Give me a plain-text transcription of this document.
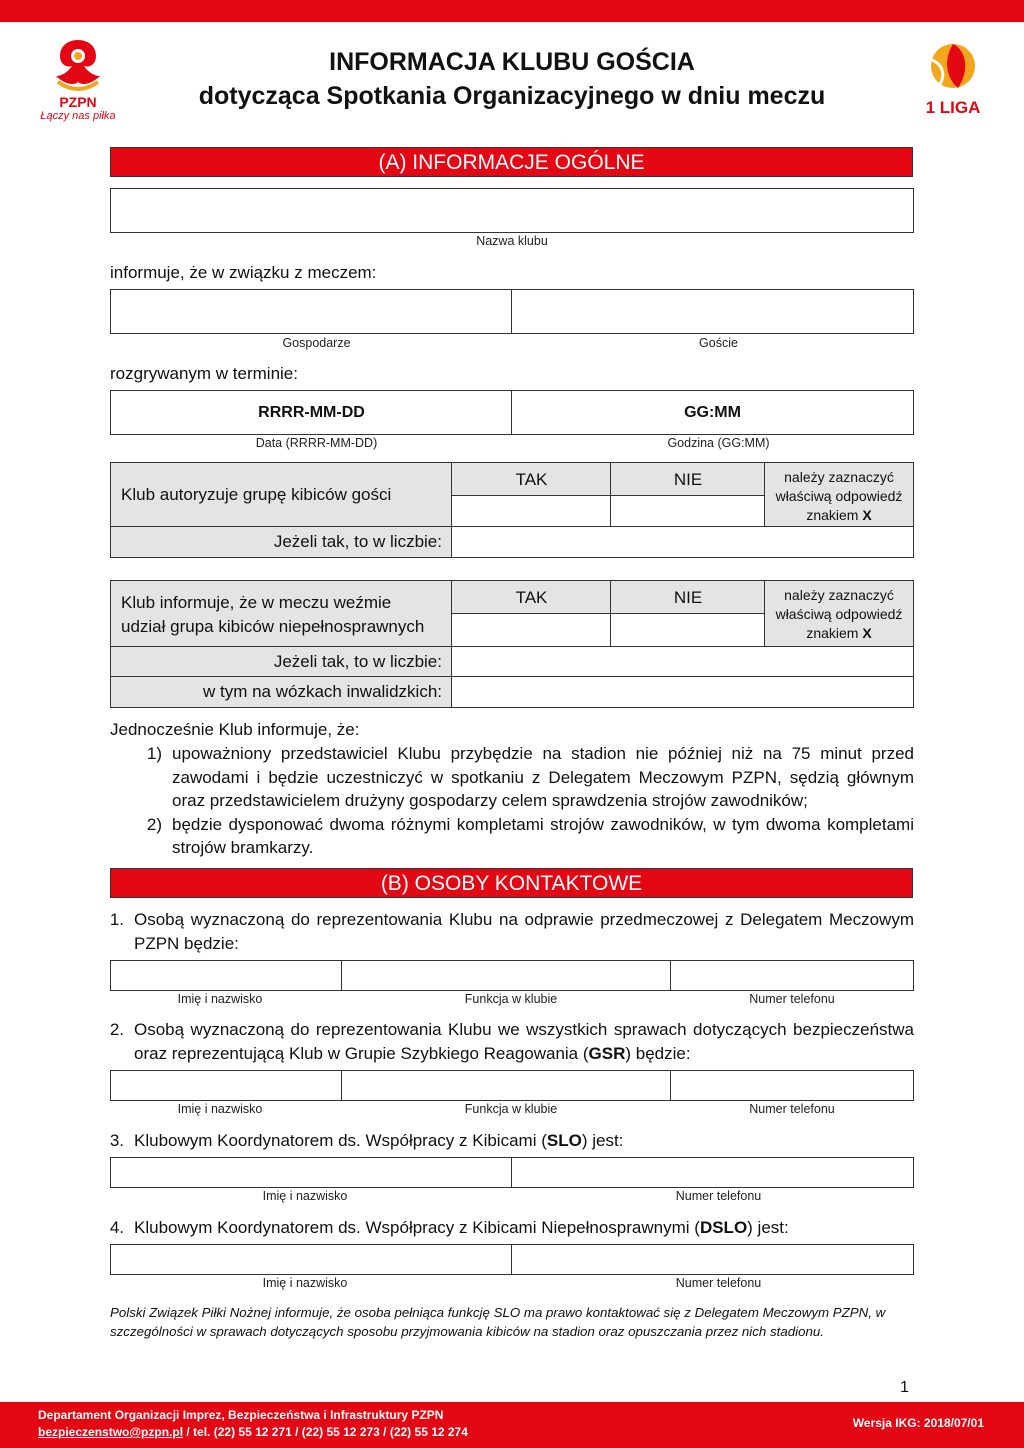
PZPN
Łączy nas piłka	1 LIGA
INFORMACJA KLUBU GOŚCIA
dotycząca Spotkania Organizacyjnego w dniu meczu
(A) INFORMACJE OGÓLNE
Nazwa klubu
informuje, że w związku z meczem:
Gospodarze	Goście
rozgrywanym w terminie:
RRRR-MM-DD	GG:MM
Data (RRRR-MM-DD)	Godzina (GG:MM)
Klub autoryzuje grupę kibiców gości
TAK	NIE	należy zaznaczyć
właściwą odpowiedź
znakiem X
Jeżeli tak, to w liczbie:
Klub informuje, że w meczu weźmie
udział grupa kibiców niepełnosprawnych
TAK	NIE	należy zaznaczyć
właściwą odpowiedź
znakiem X
Jeżeli tak, to w liczbie:
w tym na wózkach inwalidzkich:
Jednocześnie Klub informuje, że:
1) upoważniony przedstawiciel Klubu przybędzie na stadion nie później niż na 75 minut przed zawodami i będzie uczestniczyć w spotkaniu z Delegatem Meczowym PZPN, sędzią głównym oraz przedstawicielem drużyny gospodarzy celem sprawdzenia strojów zawodników;
2) będzie dysponować dwoma różnymi kompletami strojów zawodników, w tym dwoma kompletami strojów bramkarzy.
(B) OSOBY KONTAKTOWE
1. Osobą wyznaczoną do reprezentowania Klubu na odprawie przedmeczowej z Delegatem Meczowym PZPN będzie:
Imię i nazwisko	Funkcja w klubie	Numer telefonu
2. Osobą wyznaczoną do reprezentowania Klubu we wszystkich sprawach dotyczących bezpieczeństwa oraz reprezentującą Klub w Grupie Szybkiego Reagowania (GSR) będzie:
Imię i nazwisko	Funkcja w klubie	Numer telefonu
3. Klubowym Koordynatorem ds. Współpracy z Kibicami (SLO) jest:
Imię i nazwisko	Numer telefonu
4. Klubowym Koordynatorem ds. Współpracy z Kibicami Niepełnosprawnymi (DSLO) jest:
Imię i nazwisko	Numer telefonu
Polski Związek Piłki Nożnej informuje, że osoba pełniąca funkcję SLO ma prawo kontaktować się z Delegatem Meczowym PZPN, w szczególności w sprawach dotyczących sposobu przyjmowania kibiców na stadion oraz opuszczania przez nich stadionu.
1
Departament Organizacji Imprez, Bezpieczeństwa i Infrastruktury PZPN
bezpieczenstwo@pzpn.pl / tel. (22) 55 12 271 / (22) 55 12 273 / (22) 55 12 274
Wersja IKG: 2018/07/01
